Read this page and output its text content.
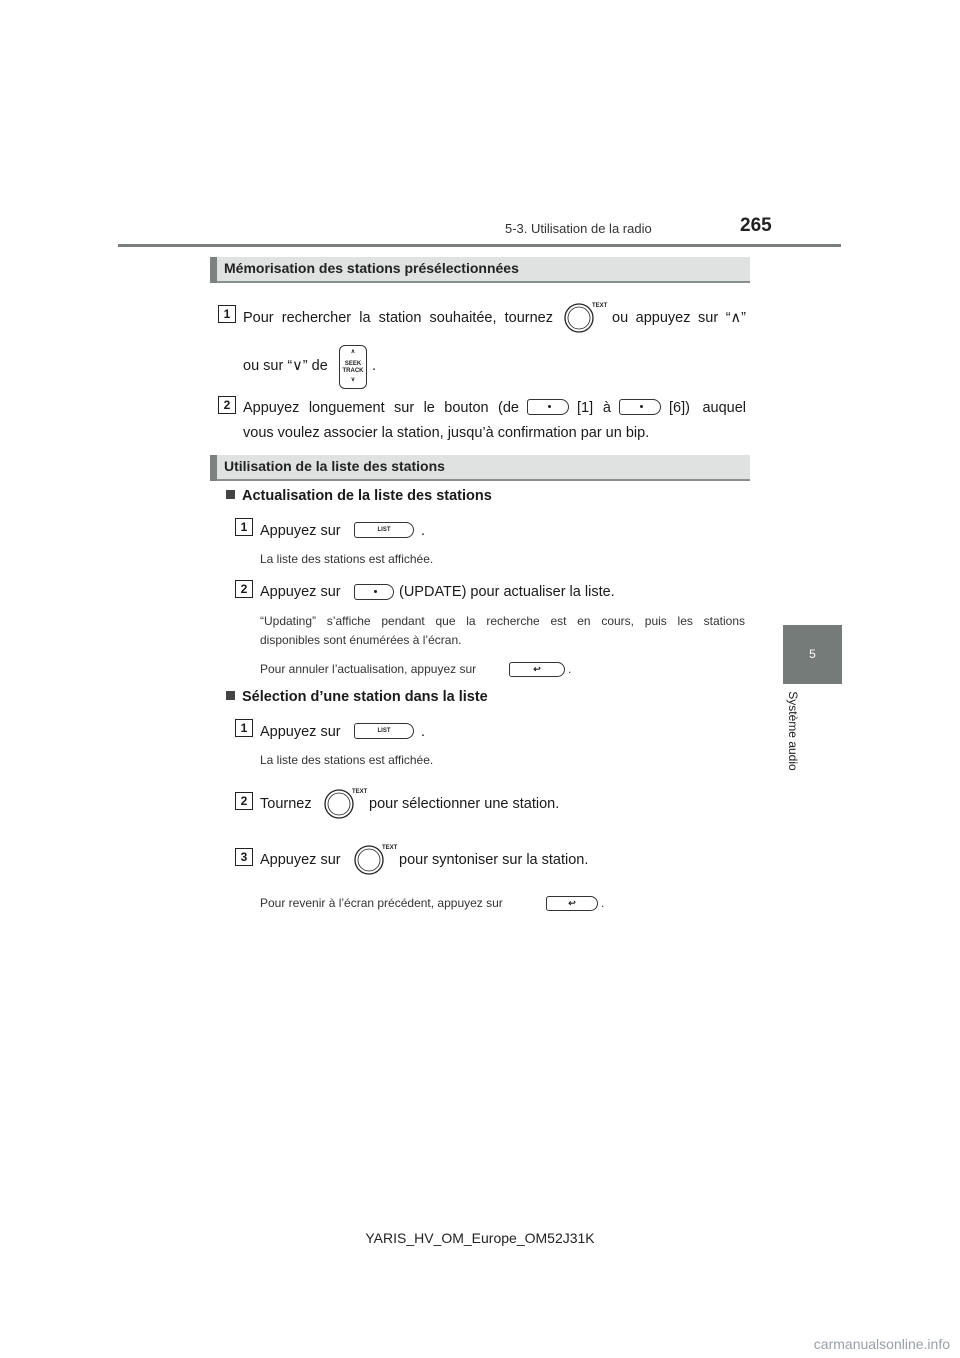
5-3. Utilisation de la radio	265
5
Système audio
Mémorisation des stations présélectionnées
1 Pour rechercher la station souhaitée, tournez
TEXT
ou appuyez sur “∧”
ou sur “∨” de
∧
SEEK
TRACK
∨
.
2 Appuyez longuement sur le bouton (de	[1] à	[6]) auquel
vous voulez associer la station, jusqu’à confirmation par un bip.
Utilisation de la liste des stations
Actualisation de la liste des stations
1 Appuyez sur	LIST	.
La liste des stations est affichée.
2 Appuyez sur	(UPDATE) pour actualiser la liste.
“Updating” s’affiche pendant que la recherche est en cours, puis les stations
disponibles sont énumérées à l’écran.
Pour annuler l’actualisation, appuyez sur	↩	.
Sélection d’une station dans la liste
1 Appuyez sur	LIST	.
La liste des stations est affichée.
2 Tournez
TEXT
pour sélectionner une station.
3 Appuyez sur
TEXT
pour syntoniser sur la station.
Pour revenir à l’écran précédent, appuyez sur	↩	.
YARIS_HV_OM_Europe_OM52J31K
carmanualsonline.info
